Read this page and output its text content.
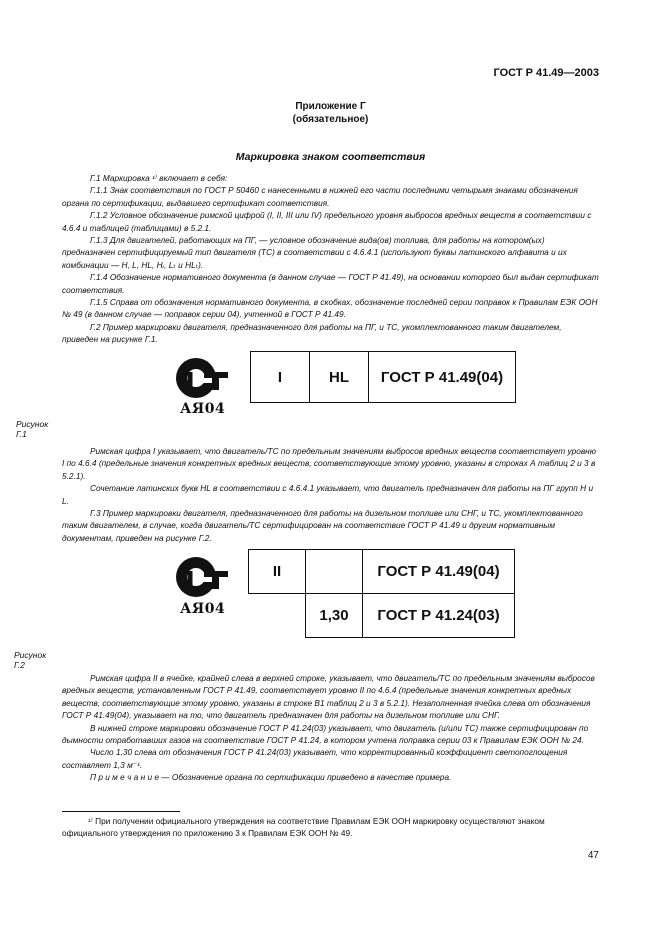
ГОСТ Р 41.49—2003
Приложение Г
(обязательное)
Маркировка знаком соответствия

Г.1 Маркировка ¹⁾ включает в себя:

Г.1.1 Знак соответствия по ГОСТ Р 50460 с нанесенными в нижней его части последними четырьмя знаками обозначения органа по сертификации, выдавшего сертификат соответствия.

Г.1.2 Условное обозначение римской цифрой (I, II, III или IV) предельного уровня выбросов вредных веществ в соответствии с 4.6.4 и таблицей (таблицами) в 5.2.1.

Г.1.3 Для двигателей, работающих на ПГ, — условное обозначение вида(ов) топлива, для работы на котором(ых) предназначен сертифицируемый тип двигателя (ТС) в соответствии с 4.6.4.1 (используют буквы латинского алфавита и их комбинации — H, L, HL, Hᵣ, Lₜ и HLₜ).

Г.1.4 Обозначение нормативного документа (в данном случае — ГОСТ Р 41.49), на основании которого был выдан сертификат соответствия.

Г.1.5 Справа от обозначения нормативного документа, в скобках, обозначение последней серии поправок к Правилам ЕЭК ООН № 49 (в данном случае — поправок серии 04), учтенной в ГОСТ Р 41.49.

Г.2 Пример маркировки двигателя, предназначенного для работы на ПГ, и ТС, укомплектованного таким двигателем, приведен на рисунке Г.1.

АЯ04
I	HL	ГОСТ Р 41.49(04)
Рисунок Г.1

Римская цифра I указывает, что двигатель/ТС по предельным значениям выбросов вредных веществ соответствует уровню I по 4.6.4 (предельные значения конкретных вредных веществ, соответствующие этому уровню, указаны в строках А таблиц 2 и 3 в 5.2.1).

Сочетание латинских букв HL в соответствии с 4.6.4.1 указывает, что двигатель предназначен для работы на ПГ групп H и L.

Г.3 Пример маркировки двигателя, предназначенного для работы на дизельном топливе или СНГ, и ТС, укомплектованного таким двигателем, в случае, когда двигатель/ТС сертифицирован на соответствие ГОСТ Р 41.49 и другим нормативным документам, приведен на рисунке Г.2.

АЯ04
II		ГОСТ Р 41.49(04)
	1,30	ГОСТ Р 41.24(03)
Рисунок Г.2

Римская цифра II в ячейке, крайней слева в верхней строке, указывает, что двигатель/ТС по предельным значениям выбросов вредных веществ, установленным ГОСТ Р 41.49, соответствует уровню II по 4.6.4 (предельные значения конкретных вредных веществ, соответствующие этому уровню, указаны в строке B1 таблиц 2 и 3 в 5.2.1). Незаполненная ячейка слева от обозначения ГОСТ Р 41.49(04), указывает на то, что двигатель предназначен для работы на дизельном топливе или СНГ.

В нижней строке маркировки обозначение ГОСТ Р 41.24(03) указывает, что двигатель (и/или ТС) также сертифицирован по дымности отработавших газов на соответствие ГОСТ Р 41.24, в котором учтена поправка серии 03 к Правилам ЕЭК ООН № 24.

Число 1,30 слева от обозначения ГОСТ Р 41.24(03) указывает, что корректированный коэффициент светопоглощения составляет 1,3 м⁻¹.

П р и м е ч а н и е — Обозначение органа по сертификации приведено в качестве примера.

¹⁾ При получении официального утверждения на соответствие Правилам ЕЭК ООН маркировку осуществляют знаком официального утверждения по приложению 3 к Правилам ЕЭК ООН № 49.

47
